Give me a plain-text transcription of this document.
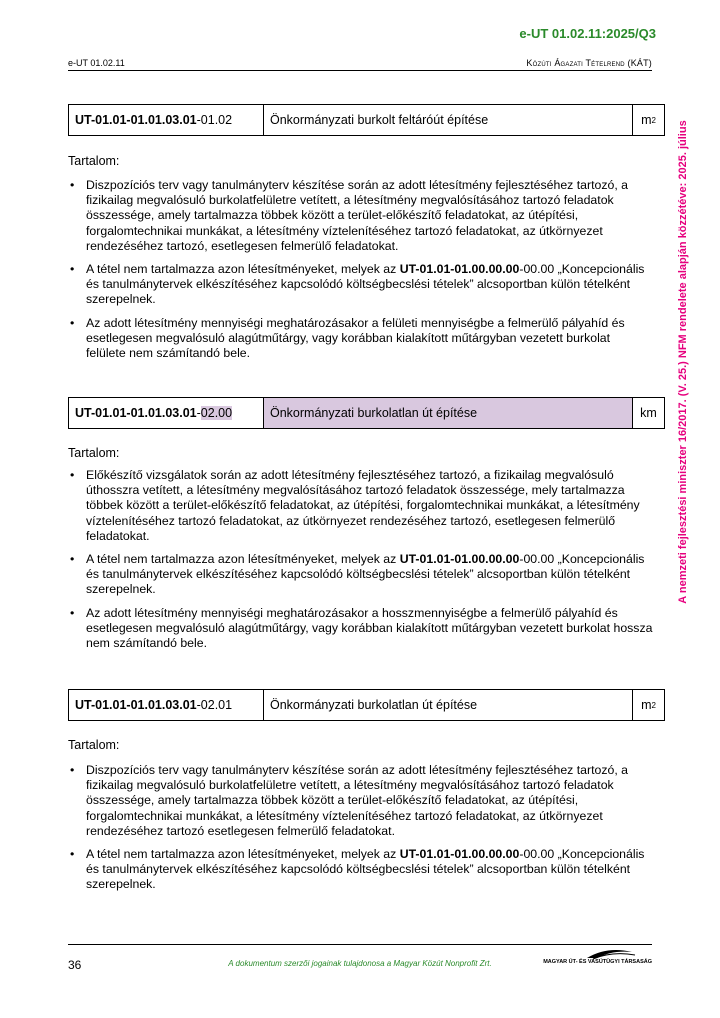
e-UT 01.02.11:2025/Q3
e-UT 01.02.11	Közúti Ágazati Tételrend (KÁT)
A nemzeti fejlesztési miniszter 16/2017. (V. 25.) NFM rendelete alapján közzétéve: 2025. július
UT-01.01-01.01.03.01 -01.02	Önkormányzati burkolt feltáróút építése	m 2
Tartalom:
• Diszpozíciós terv vagy tanulmányterv készítése során az adott létesítmény fejlesztéséhez tartozó, a fizikailag megvalósuló burkolatfelületre vetített, a létesítmény megvalósításához tartozó feladatok összessége, amely tartalmazza többek között a terület-előkészítő feladatokat, az útépítési, forgalomtechnikai munkákat, a létesítmény víztelenítéséhez tartozó feladatokat, az útkörnyezet rendezéséhez tartozó, esetlegesen felmerülő feladatokat.
• A tétel nem tartalmazza azon létesítményeket, melyek az UT-01.01-01.00.00.00-00.00 „Koncepcionális és tanulmánytervek elkészítéséhez kapcsolódó költségbecslési tételek” alcsoportban külön tételként szerepelnek.
• Az adott létesítmény mennyiségi meghatározásakor a felületi mennyiségbe a felmerülő pályahíd és esetlegesen megvalósuló alagútműtárgy, vagy korábban kialakított műtárgyban vezetett burkolat felülete nem számítandó bele.
UT-01.01-01.01.03.01 - 02.00	Önkormányzati burkolatlan út építése	km
Tartalom:
• Előkészítő vizsgálatok során az adott létesítmény fejlesztéséhez tartozó, a fizikailag megvalósuló úthosszra vetített, a létesítmény megvalósításához tartozó feladatok összessége, mely tartalmazza többek között a terület-előkészítő feladatokat, az útépítési, forgalomtechnikai munkákat, a létesítmény víztelenítéséhez tartozó feladatokat, az útkörnyezet rendezéséhez tartozó, esetlegesen felmerülő feladatokat.
• A tétel nem tartalmazza azon létesítményeket, melyek az UT-01.01-01.00.00.00-00.00 „Koncepcionális és tanulmánytervek elkészítéséhez kapcsolódó költségbecslési tételek” alcsoportban külön tételként szerepelnek.
• Az adott létesítmény mennyiségi meghatározásakor a hosszmennyiségbe a felmerülő pályahíd és esetlegesen megvalósuló alagútműtárgy, vagy korábban kialakított műtárgyban vezetett burkolat hossza nem számítandó bele.
UT-01.01-01.01.03.01 -02.01	Önkormányzati burkolatlan út építése	m 2
Tartalom:
• Diszpozíciós terv vagy tanulmányterv készítése során az adott létesítmény fejlesztéséhez tartozó, a fizikailag megvalósuló burkolatfelületre vetített, a létesítmény megvalósításához tartozó feladatok összessége, amely tartalmazza többek között a terület-előkészítő feladatokat, az útépítési, forgalomtechnikai munkákat, a létesítmény víztelenítéséhez tartozó feladatokat, az útkörnyezet rendezéséhez tartozó esetlegesen felmerülő feladatokat.
• A tétel nem tartalmazza azon létesítményeket, melyek az UT-01.01-01.00.00.00-00.00 „Koncepcionális és tanulmánytervek elkészítéséhez kapcsolódó költségbecslési tételek” alcsoportban külön tételként szerepelnek.
36	A dokumentum szerzői jogainak tulajdonosa a Magyar Közút Nonprofit Zrt.	MAGYAR ÚT- ÉS VASÚTÜGYI TÁRSASÁG
